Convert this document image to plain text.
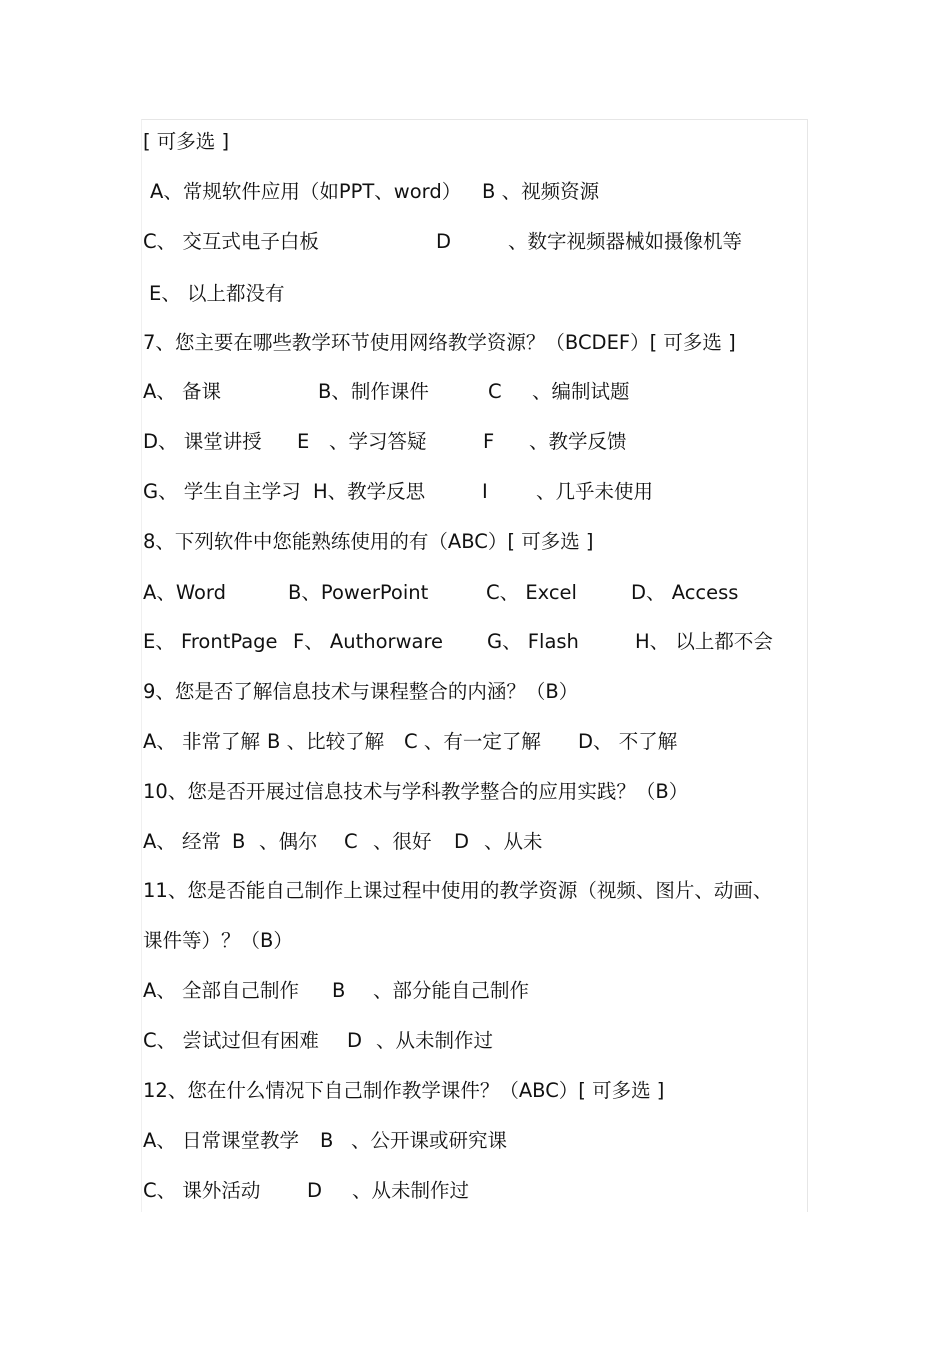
[ 可多选 ]
A、常规软件应用（如PPT、word） B 、视频资源
C、 交互式电子白板	D	、数字视频器械如摄像机等
E、 以上都没有
7、您主要在哪些教学环节使用网络教学资源？（BCDEF）[ 可多选 ]
A、 备课	B、制作课件	C 、编制试题
D、 课堂讲授 E 、学习答疑	F 、教学反馈
G、 学生自主学习 H、教学反思	I 、几乎未使用
8、下列软件中您能熟练使用的有（ABC）[ 可多选 ]
A、Word	B、PowerPoint	C、 Excel	D、 Access
E、 FrontPage F、 Authorware G、 Flash	H、 以上都不会
9、您是否了解信息技术与课程整合的内涵？（B）
A、 非常了解 B 、比较了解 C 、有一定了解 D、 不了解
10、您是否开展过信息技术与学科教学整合的应用实践？（B）
A、 经常 B 、偶尔 C 、很好 D 、从未
11、您是否能自己制作上课过程中使用的教学资源（视频、图片、动画、
课件等）？（B）
A、 全部自己制作 B 、部分能自己制作
C、 尝试过但有困难 D 、从未制作过
12、您在什么情况下自己制作教学课件？（ABC）[ 可多选 ]
A、 日常课堂教学 B 、公开课或研究课
C、 课外活动 D 、从未制作过
